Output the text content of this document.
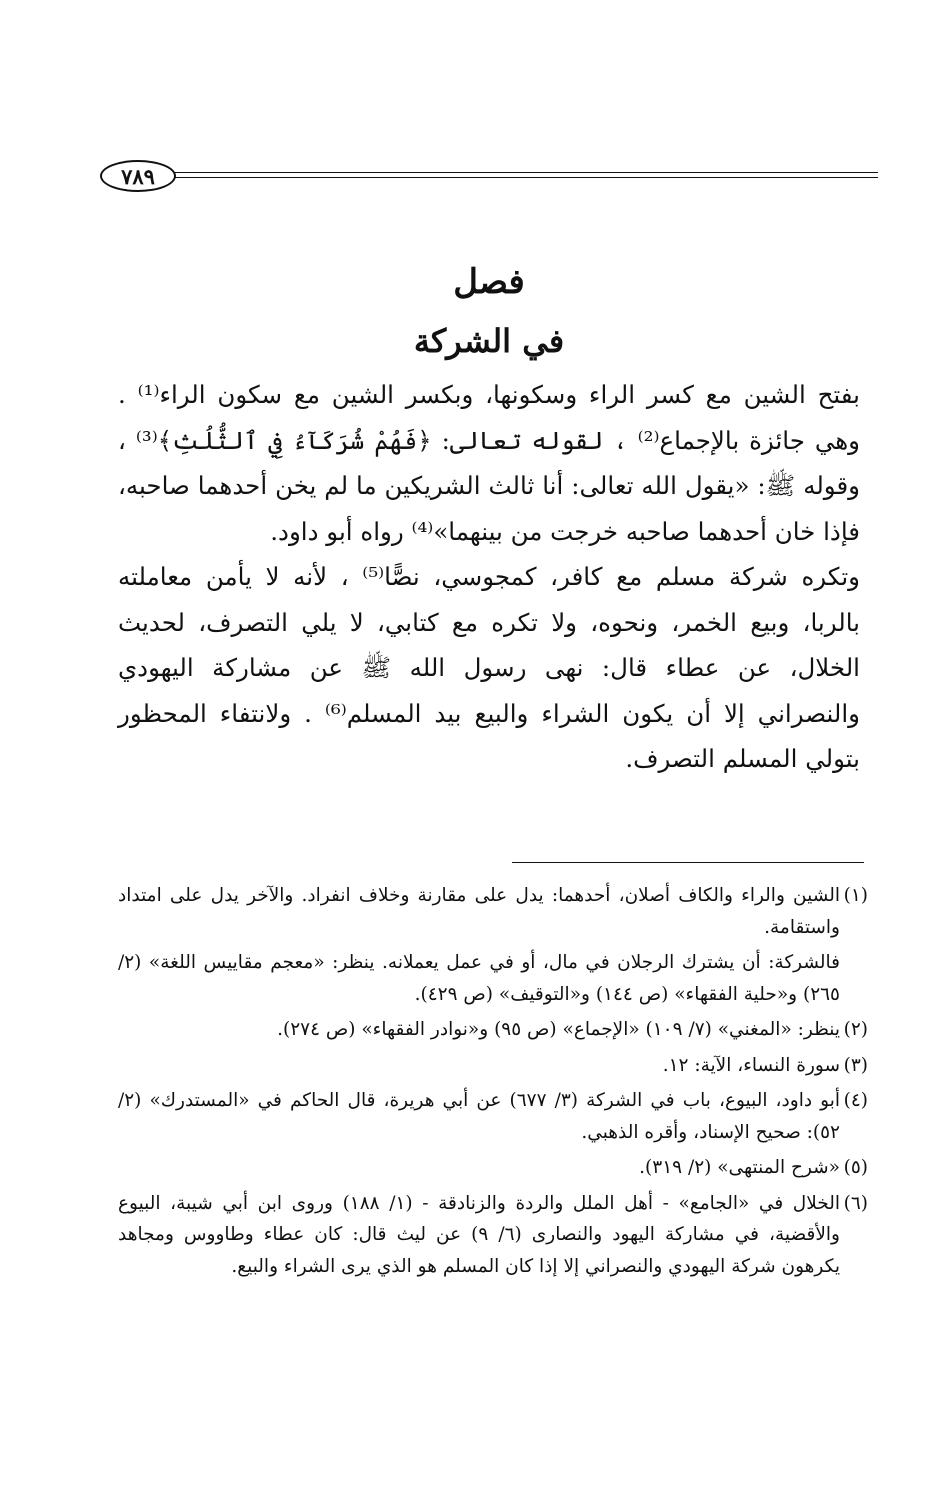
٧٨٩
فصل
في الشركة

بفتح الشين مع كسر الراء وسكونها، وبكسر الشين مع سكون الراء⁽¹⁾ . وهي جائزة بالإجماع⁽²⁾ ، لقوله تعالى: ﴿فَهُمْ شُرَكَآءُ فِي ٱلثُّلُثِ﴾⁽³⁾ ، وقوله ﷺ: «يقول الله تعالى: أنا ثالث الشريكين ما لم يخن أحدهما صاحبه، فإذا خان أحدهما صاحبه خرجت من بينهما»⁽⁴⁾ رواه أبو داود.

وتكره شركة مسلم مع كافر، كمجوسي، نصًّا⁽⁵⁾ ، لأنه لا يأمن معاملته بالربا، وبيع الخمر، ونحوه، ولا تكره مع كتابي، لا يلي التصرف، لحديث الخلال، عن عطاء قال: نهى رسول الله ﷺ عن مشاركة اليهودي والنصراني إلا أن يكون الشراء والبيع بيد المسلم⁽⁶⁾ . ولانتفاء المحظور بتولي المسلم التصرف.

(١)الشين والراء والكاف أصلان، أحدهما: يدل على مقارنة وخلاف انفراد. والآخر يدل على امتداد واستقامة.

فالشركة: أن يشترك الرجلان في مال، أو في عمل يعملانه. ينظر: «معجم مقاييس اللغة» (٢/ ٢٦٥) و«حلية الفقهاء» (ص ١٤٤) و«التوقيف» (ص ٤٢٩).

(٢)ينظر: «المغني» (٧/ ١٠٩) «الإجماع» (ص ٩٥) و«نوادر الفقهاء» (ص ٢٧٤).

(٣)سورة النساء، الآية: ١٢.

(٤)أبو داود، البيوع، باب في الشركة (٣/ ٦٧٧) عن أبي هريرة، قال الحاكم في «المستدرك» (٢/ ٥٢): صحيح الإسناد، وأقره الذهبي.

(٥)«شرح المنتهى» (٢/ ٣١٩).

(٦)الخلال في «الجامع» - أهل الملل والردة والزنادقة - (١/ ١٨٨) وروى ابن أبي شيبة، البيوع والأقضية، في مشاركة اليهود والنصارى (٦/ ٩) عن ليث قال: كان عطاء وطاووس ومجاهد يكرهون شركة اليهودي والنصراني إلا إذا كان المسلم هو الذي يرى الشراء والبيع.
